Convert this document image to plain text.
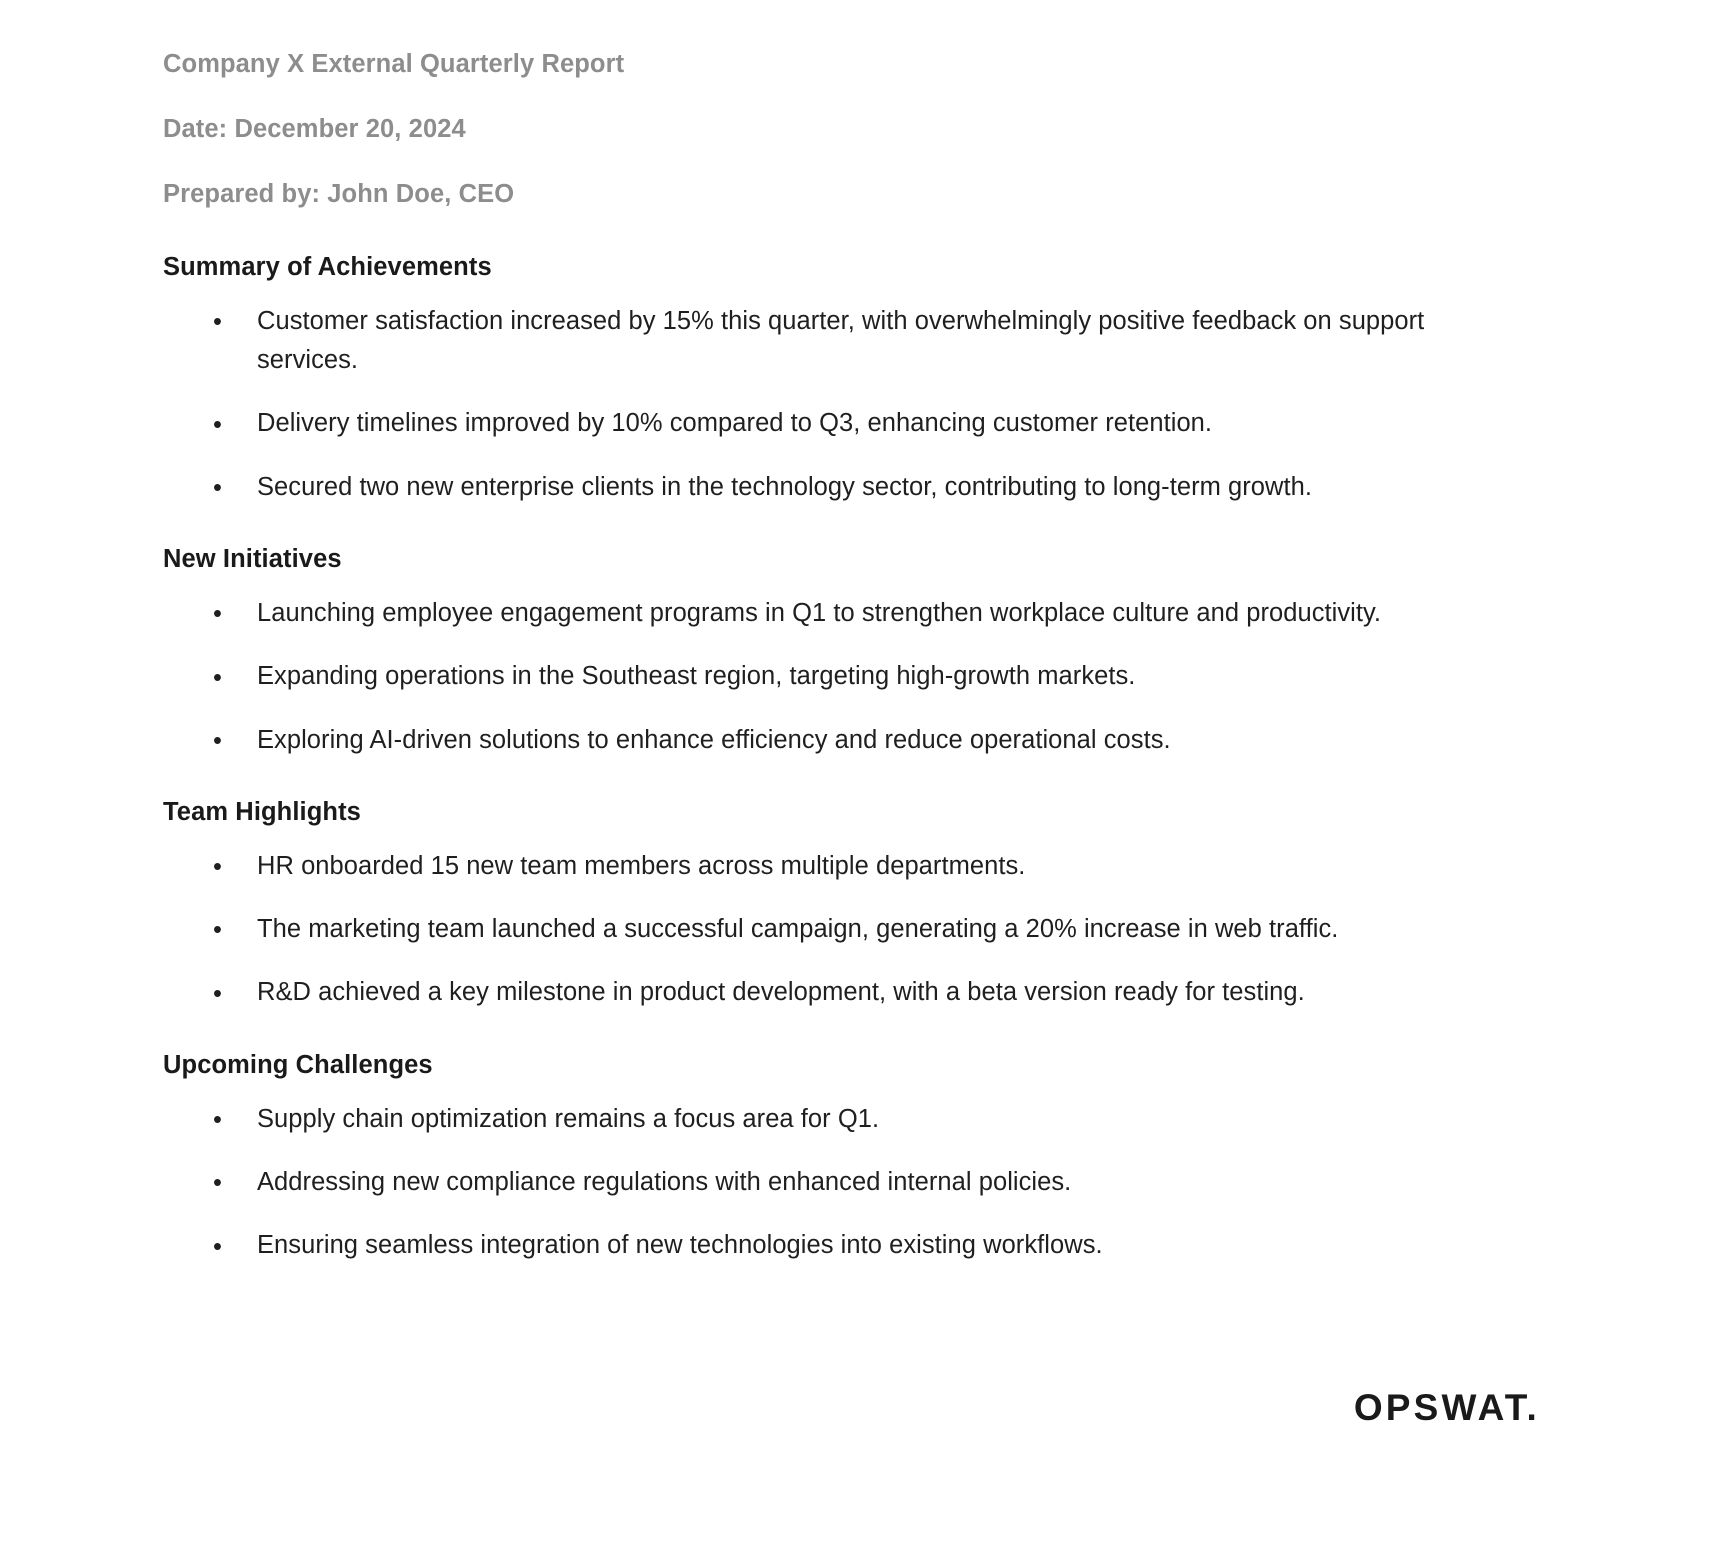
Company X External Quarterly Report

Date: December 20, 2024

Prepared by: John Doe, CEO

Summary of Achievements
• Customer satisfaction increased by 15% this quarter, with overwhelmingly positive feedback on support services.
• Delivery timelines improved by 10% compared to Q3, enhancing customer retention.
• Secured two new enterprise clients in the technology sector, contributing to long-term growth.
New Initiatives
• Launching employee engagement programs in Q1 to strengthen workplace culture and productivity.
• Expanding operations in the Southeast region, targeting high-growth markets.
• Exploring AI-driven solutions to enhance efficiency and reduce operational costs.
Team Highlights
• HR onboarded 15 new team members across multiple departments.
• The marketing team launched a successful campaign, generating a 20% increase in web traffic.
• R&D achieved a key milestone in product development, with a beta version ready for testing.
Upcoming Challenges
• Supply chain optimization remains a focus area for Q1.
• Addressing new compliance regulations with enhanced internal policies.
• Ensuring seamless integration of new technologies into existing workflows.
OPSWAT.
